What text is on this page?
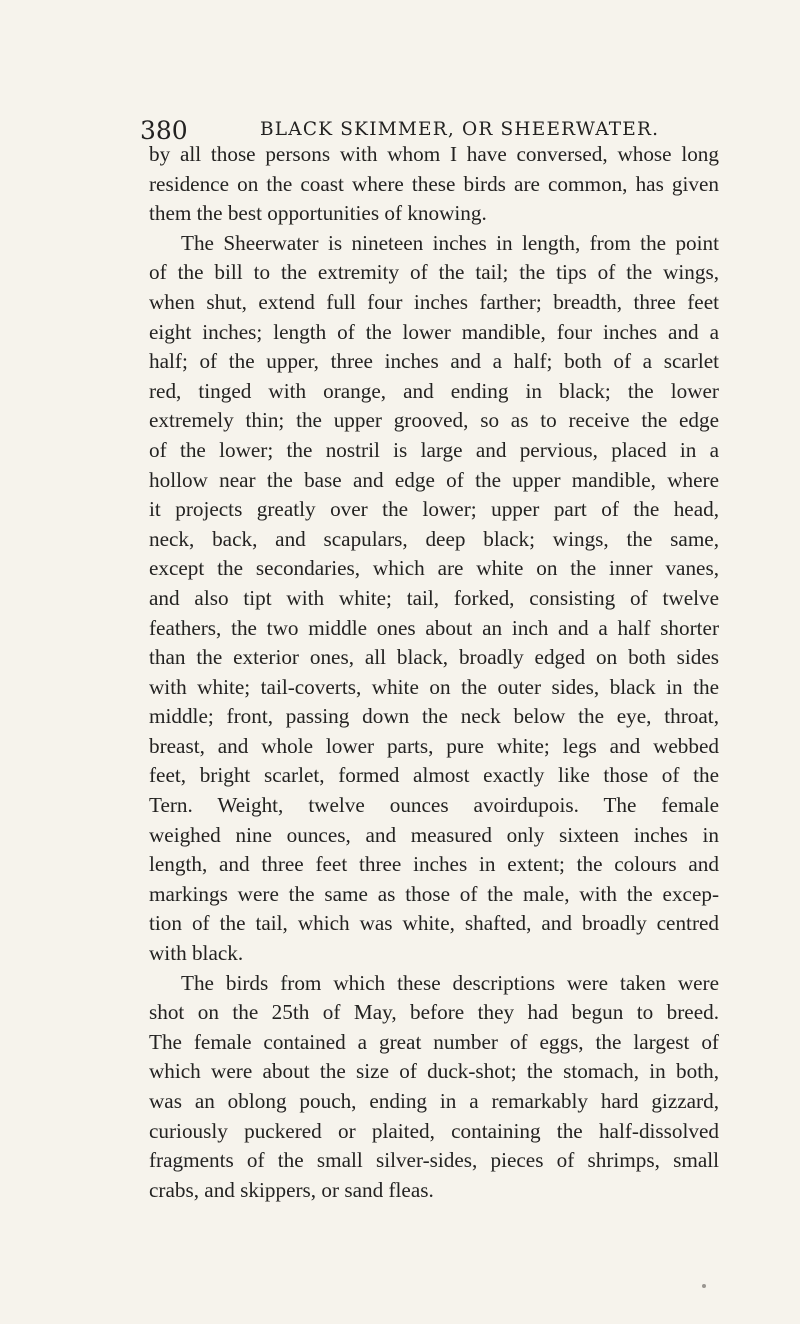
380	BLACK SKIMMER, OR SHEERWATER.
by all those persons with whom I have conversed, whose long
residence on the coast where these birds are common, has given
them the best opportunities of knowing.
The Sheerwater is nineteen inches in length, from the point
of the bill to the extremity of the tail; the tips of the wings,
when shut, extend full four inches farther; breadth, three feet
eight inches; length of the lower mandible, four inches and a
half; of the upper, three inches and a half; both of a scarlet
red, tinged with orange, and ending in black; the lower
extremely thin; the upper grooved, so as to receive the edge
of the lower; the nostril is large and pervious, placed in a
hollow near the base and edge of the upper mandible, where
it projects greatly over the lower; upper part of the head,
neck, back, and scapulars, deep black; wings, the same,
except the secondaries, which are white on the inner vanes,
and also tipt with white; tail, forked, consisting of twelve
feathers, the two middle ones about an inch and a half shorter
than the exterior ones, all black, broadly edged on both sides
with white; tail-coverts, white on the outer sides, black in the
middle; front, passing down the neck below the eye, throat,
breast, and whole lower parts, pure white; legs and webbed
feet, bright scarlet, formed almost exactly like those of the
Tern. Weight, twelve ounces avoirdupois. The female
weighed nine ounces, and measured only sixteen inches in
length, and three feet three inches in extent; the colours and
markings were the same as those of the male, with the excep-
tion of the tail, which was white, shafted, and broadly centred
with black.
The birds from which these descriptions were taken were
shot on the 25th of May, before they had begun to breed.
The female contained a great number of eggs, the largest of
which were about the size of duck-shot; the stomach, in both,
was an oblong pouch, ending in a remarkably hard gizzard,
curiously puckered or plaited, containing the half-dissolved
fragments of the small silver-sides, pieces of shrimps, small
crabs, and skippers, or sand fleas.
